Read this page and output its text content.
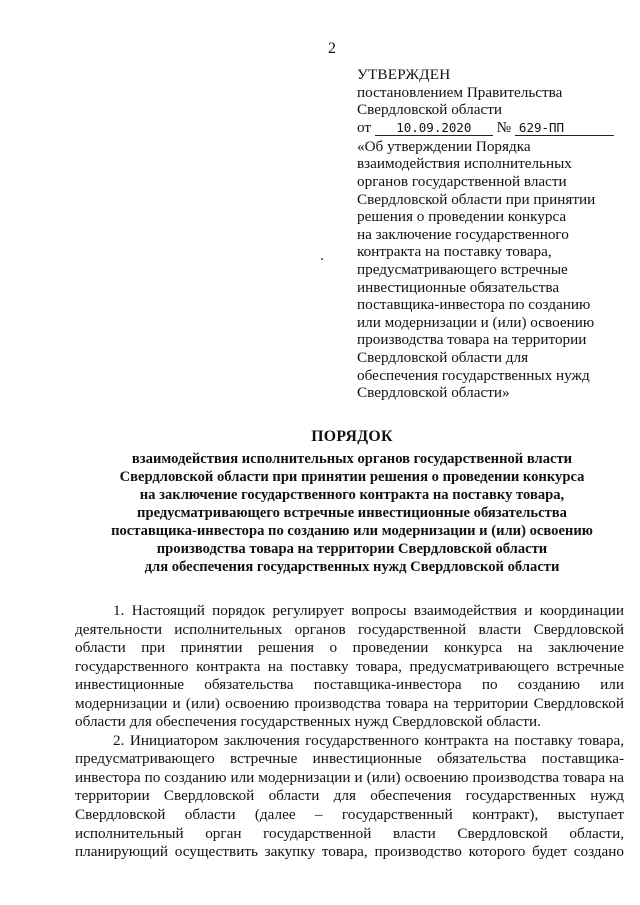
2
УТВЕРЖДЕН
постановлением Правительства
Свердловской области
от 10.09.2020 № 629-ПП
«Об утверждении Порядка
взаимодействия исполнительных
органов государственной власти
Свердловской области при принятии
решения о проведении конкурса
на заключение государственного
контракта на поставку товара,
предусматривающего встречные
инвестиционные обязательства
поставщика-инвестора по созданию
или модернизации и (или) освоению
производства товара на территории
Свердловской области для
обеспечения государственных нужд
Свердловской области»
ПОРЯДОК
взаимодействия исполнительных органов государственной власти
Свердловской области при принятии решения о проведении конкурса
на заключение государственного контракта на поставку товара,
предусматривающего встречные инвестиционные обязательства
поставщика-инвестора по созданию или модернизации и (или) освоению
производства товара на территории Свердловской области
для обеспечения государственных нужд Свердловской области

1. Настоящий порядок регулирует вопросы взаимодействия и координации деятельности исполнительных органов государственной власти Свердловской области при принятии решения о проведении конкурса на заключение государственного контракта на поставку товара, предусматривающего встречные инвестиционные обязательства поставщика-инвестора по созданию или модернизации и (или) освоению производства товара на территории Свердловской области для обеспечения государственных нужд Свердловской области.

2. Инициатором заключения государственного контракта на поставку товара, предусматривающего встречные инвестиционные обязательства поставщика-инвестора по созданию или модернизации и (или) освоению производства товара на территории Свердловской области для обеспечения государственных нужд Свердловской области (далее – государственный контракт), выступает исполнительный орган государственной власти Свердловской области, планирующий осуществить закупку товара, производство которого будет создано
